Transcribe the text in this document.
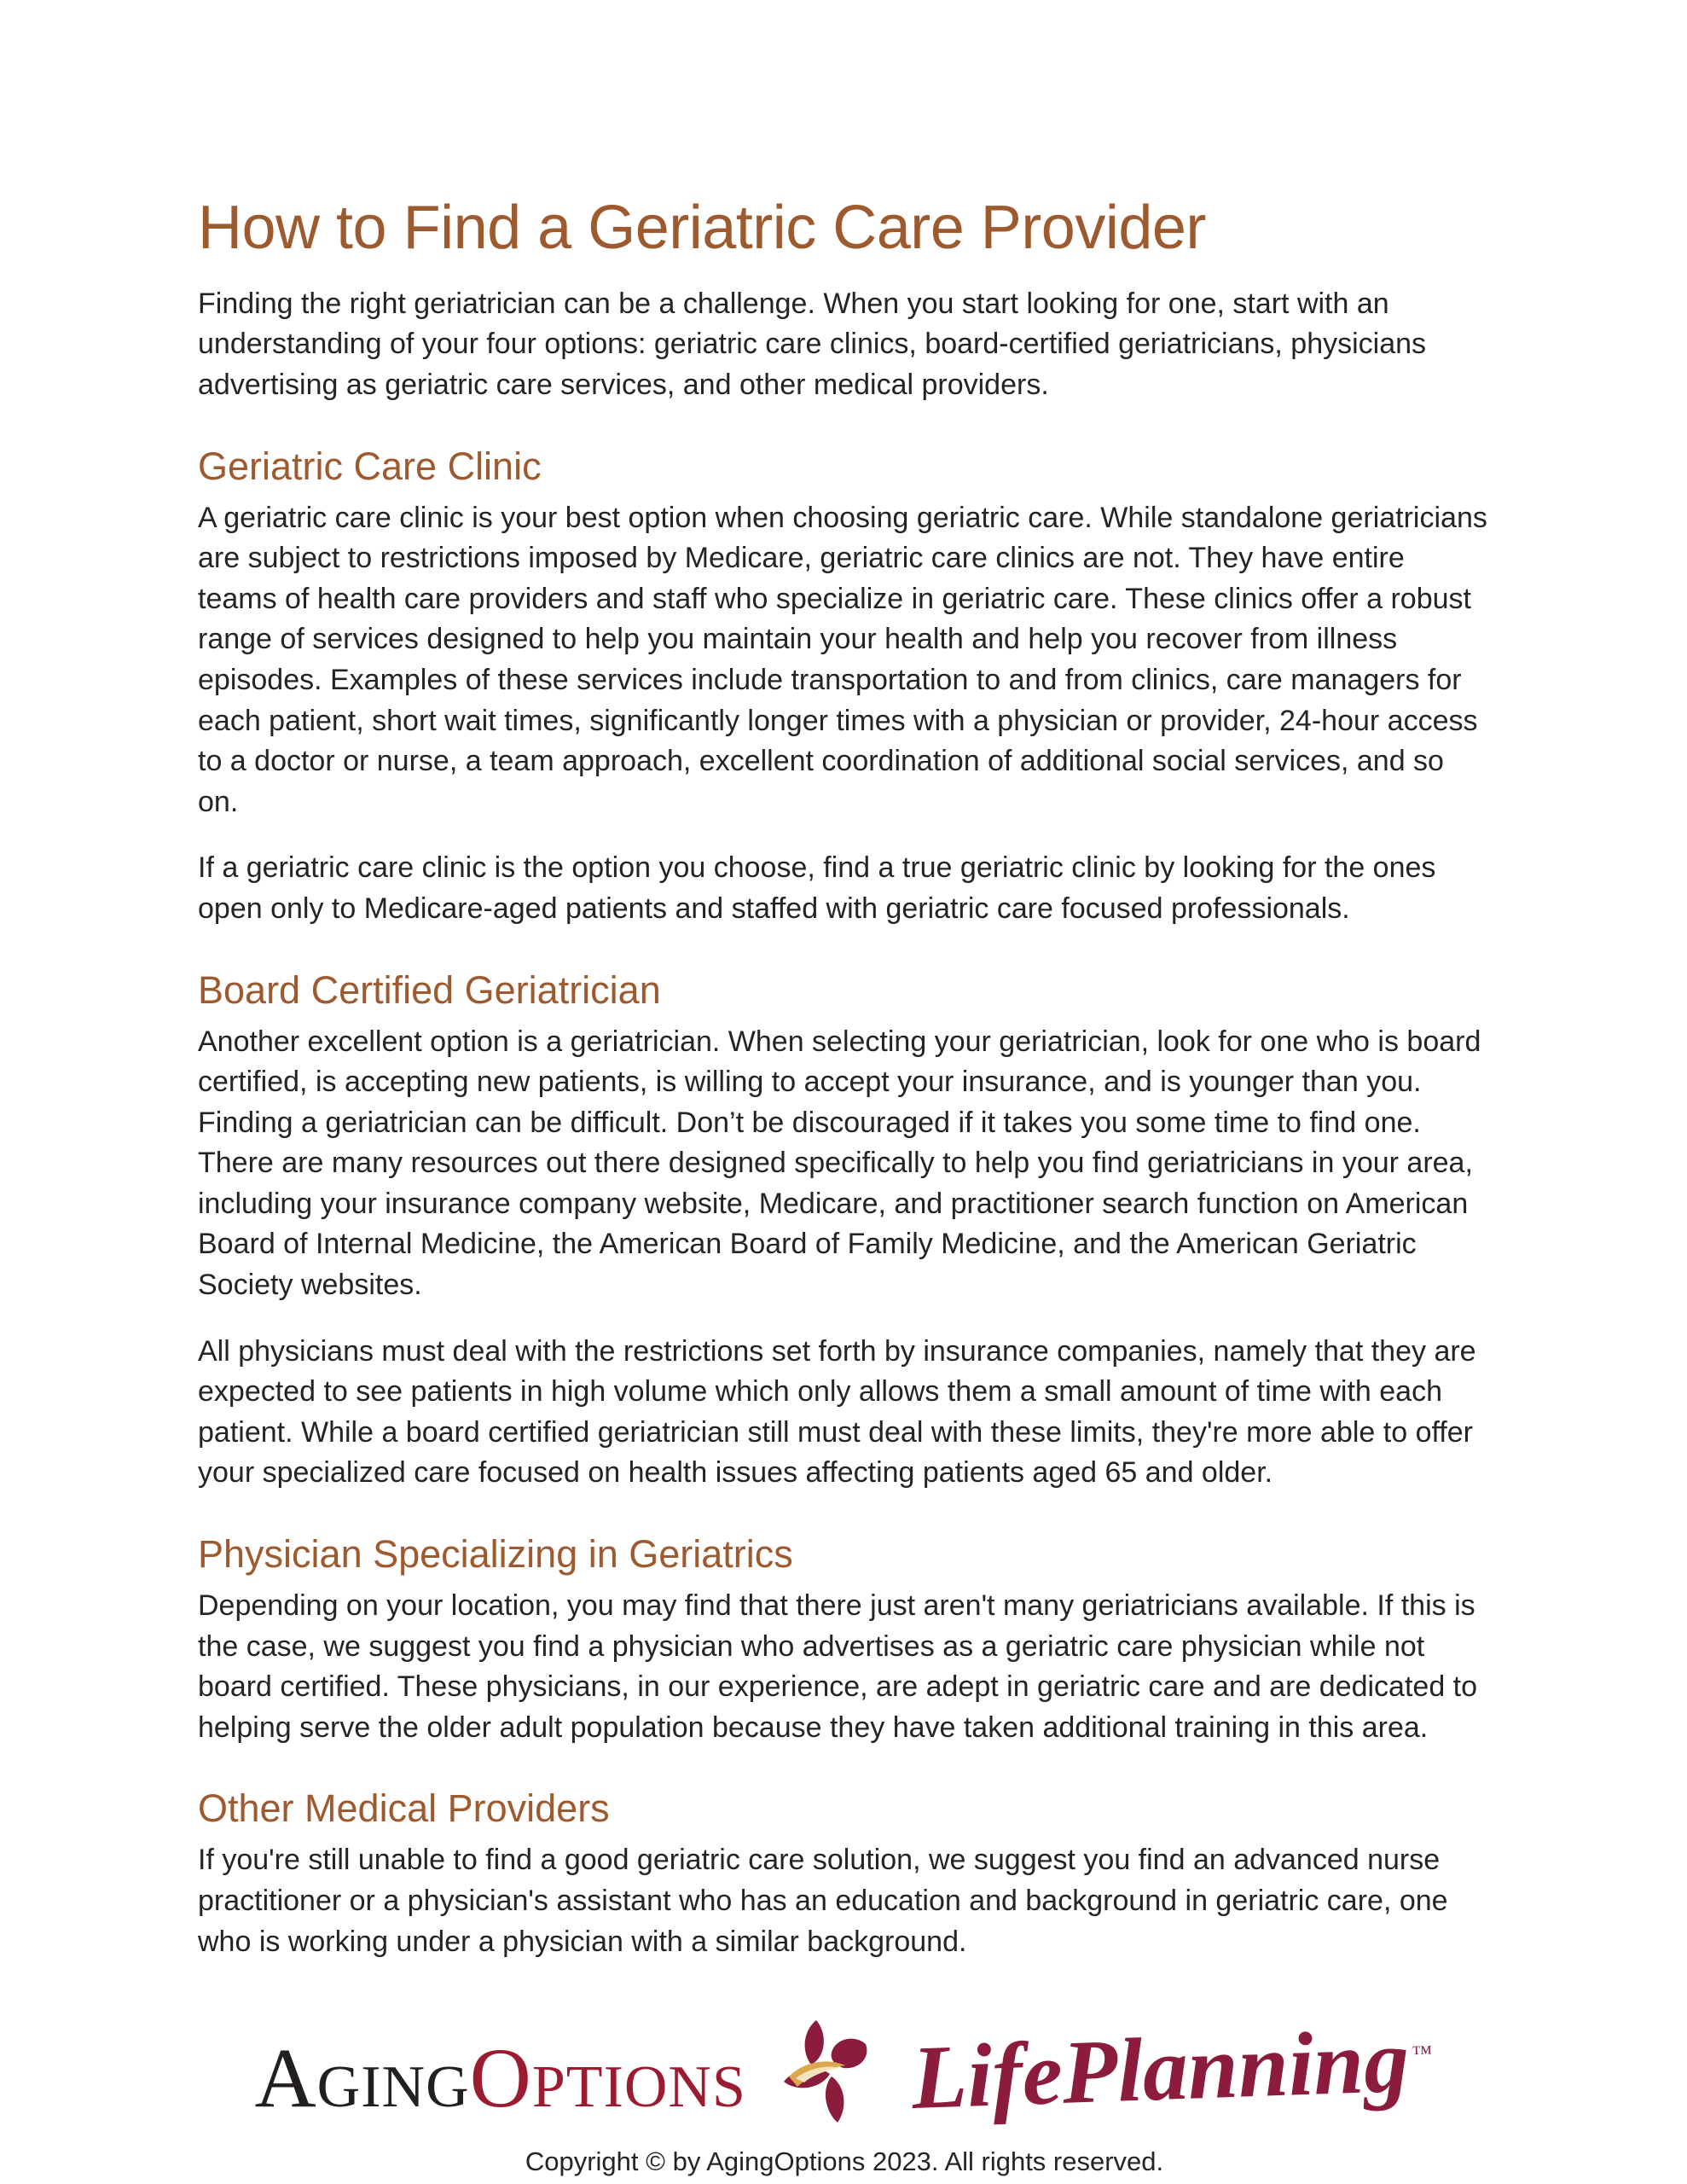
How to Find a Geriatric Care Provider

Finding the right geriatrician can be a challenge. When you start looking for one, start with an understanding of your four options: geriatric care clinics, board-certified geriatricians, physicians advertising as geriatric care services, and other medical providers.

Geriatric Care Clinic

A geriatric care clinic is your best option when choosing geriatric care. While standalone geriatricians are subject to restrictions imposed by Medicare, geriatric care clinics are not. They have entire teams of health care providers and staff who specialize in geriatric care. These clinics offer a robust range of services designed to help you maintain your health and help you recover from illness episodes. Examples of these services include transportation to and from clinics, care managers for each patient, short wait times, significantly longer times with a physician or provider, 24-hour access to a doctor or nurse, a team approach, excellent coordination of additional social services, and so on.

If a geriatric care clinic is the option you choose, find a true geriatric clinic by looking for the ones open only to Medicare-aged patients and staffed with geriatric care focused professionals.

Board Certified Geriatrician

Another excellent option is a geriatrician. When selecting your geriatrician, look for one who is board certified, is accepting new patients, is willing to accept your insurance, and is younger than you. Finding a geriatrician can be difficult. Don’t be discouraged if it takes you some time to find one. There are many resources out there designed specifically to help you find geriatricians in your area, including your insurance company website, Medicare, and practitioner search function on American Board of Internal Medicine, the American Board of Family Medicine, and the American Geriatric Society websites.

All physicians must deal with the restrictions set forth by insurance companies, namely that they are expected to see patients in high volume which only allows them a small amount of time with each patient. While a board certified geriatrician still must deal with these limits, they're more able to offer your specialized care focused on health issues affecting patients aged 65 and older.

Physician Specializing in Geriatrics

Depending on your location, you may find that there just aren't many geriatricians available. If this is the case, we suggest you find a physician who advertises as a geriatric care physician while not board certified. These physicians, in our experience, are adept in geriatric care and are dedicated to helping serve the older adult population because they have taken additional training in this area.

Other Medical Providers

If you're still unable to find a good geriatric care solution, we suggest you find an advanced nurse practitioner or a physician's assistant who has an education and background in geriatric care, one who is working under a physician with a similar background.

AgingOptions LifePlanning™
Copyright © by AgingOptions 2023. All rights reserved.
